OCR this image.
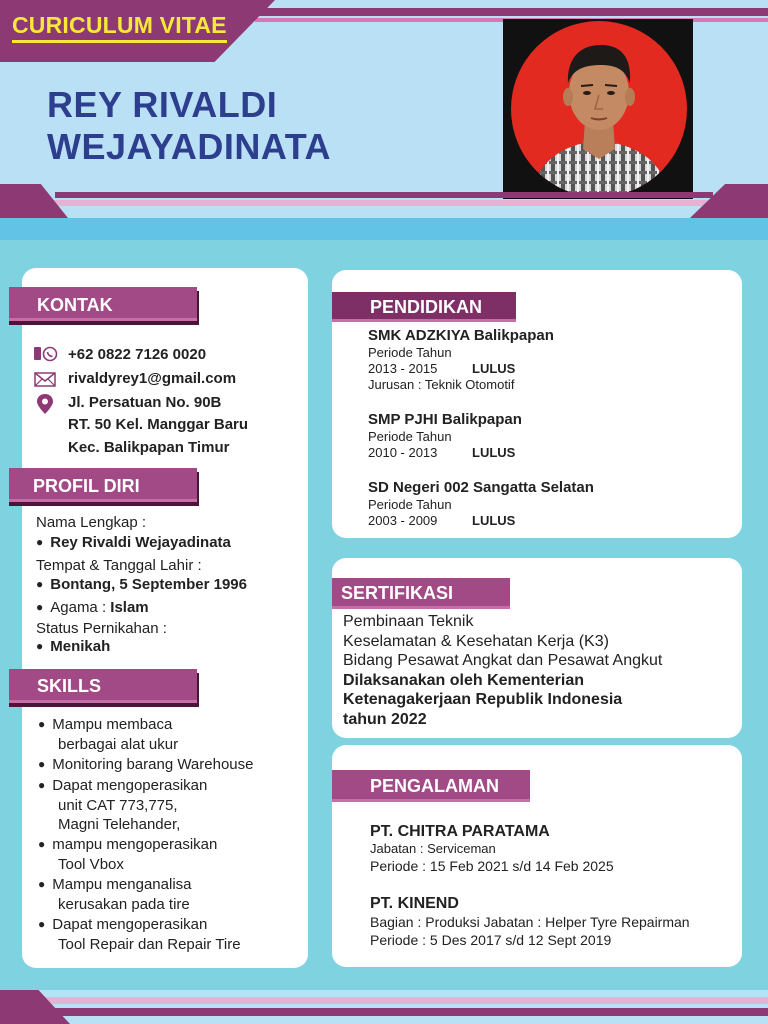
CURICULUM VITAE
REY RIVALDI
WEJAYADINATA
KONTAK
+62 0822 7126 0020
rivaldyrey1@gmail.com
Jl. Persatuan No. 90B
RT. 50 Kel. Manggar Baru
Kec. Balikpapan Timur
PROFIL DIRI
Nama Lengkap :
● Rey Rivaldi Wejayadinata
Tempat & Tanggal Lahir :
● Bontang, 5 September 1996
● Agama : Islam
Status Pernikahan :
● Menikah
SKILLS
● Mampu membaca
berbagai alat ukur
● Monitoring barang Warehouse
● Dapat mengoperasikan
unit CAT 773,775,
Magni Telehander,
● mampu mengoperasikan
Tool Vbox
● Mampu menganalisa
kerusakan pada tire
● Dapat mengoperasikan
Tool Repair dan Repair Tire
PENDIDIKAN
SMK ADZKIYA Balikpapan
Periode Tahun
2013 - 2015	LULUS
Jurusan : Teknik Otomotif
SMP PJHI Balikpapan
Periode Tahun
2010 - 2013	LULUS
SD Negeri 002 Sangatta Selatan
Periode Tahun
2003 - 2009	LULUS
SERTIFIKASI
Pembinaan Teknik
Keselamatan & Kesehatan Kerja (K3)
Bidang Pesawat Angkat dan Pesawat Angkut
Dilaksanakan oleh Kementerian
Ketenagakerjaan Republik Indonesia
tahun 2022
PENGALAMAN
PT. CHITRA PARATAMA
Jabatan : Serviceman
Periode : 15 Feb 2021 s/d 14 Feb 2025
PT. KINEND
Bagian : Produksi Jabatan : Helper Tyre Repairman
Periode : 5 Des 2017 s/d 12 Sept 2019
